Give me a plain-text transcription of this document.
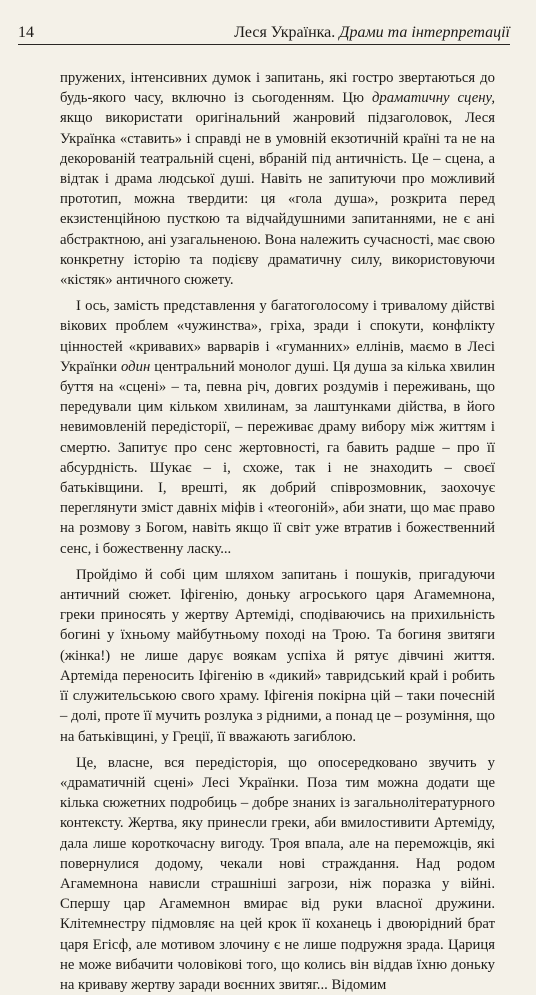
14	Леся Українка. Драми та інтерпретації

пружених, інтенсивних думок і запитань, які гостро звертаються до будь-якого часу, включно із сьогоденням. Цю драматичну сцену, якщо використати оригінальний жанровий підзаголовок, Леся Українка «ставить» і справді не в умовній екзотичній країні та не на декорованій театральній сцені, вбраній під античність. Це – сцена, а відтак і драма людської душі. Навіть не запитуючи про можливий прототип, можна твердити: ця «гола душа», розкрита перед екзистенційною пусткою та відчайдушними запитаннями, не є ані абстрактною, ані узагальненою. Вона належить сучасності, має свою конкретну історію та подієву драматичну силу, використовуючи «кістяк» античного сюжету.

І ось, замість представлення у багатоголосому і тривалому дійстві вікових проблем «чужинства», гріха, зради і спокути, конфлікту цінностей «кривавих» варварів і «гуманних» еллінів, маємо в Лесі Українки один центральний монолог душі. Ця душа за кілька хвилин буття на «сцені» – та, певна річ, довгих роздумів і переживань, що передували цим кільком хвилинам, за лаштунками дійства, в його невимовленій передісторії, – переживає драму вибору між життям і смертю. Запитує про сенс жертовності, га бавить радше – про її абсурдність. Шукає – і, схоже, так і не знаходить – своєї батьківщини. І, врешті, як добрий співрозмовник, заохочує переглянути зміст давніх міфів і «теогоній», аби знати, що має право на розмову з Богом, навіть якщо її світ уже втратив і божественний сенс, і божественну ласку...

Пройдімо й собі цим шляхом запитань і пошуків, пригадуючи античний сюжет. Іфігенію, доньку агроського царя Агамемнона, греки приносять у жертву Артеміді, сподіваючись на прихильність богині у їхньому майбутньому поході на Трою. Та богиня звитяги (жінка!) не лише дарує воякам успіха й рятує дівчині життя. Артеміда переносить Іфігенію в «дикий» тавридський край і робить її служительською свого храму. Іфігенія покірна цій – таки почесній – долі, проте її мучить розлука з рідними, а понад це – розуміння, що на батьківщині, у Греції, її вважають загиблою.

Це, власне, вся передісторія, що опосередковано звучить у «драматичній сцені» Лесі Українки. Поза тим можна додати ще кілька сюжетних подробиць – добре знаних із загальнолітературного контексту. Жертва, яку принесли греки, аби вмилостивити Артеміду, дала лише короткочасну вигоду. Троя впала, але на переможців, які повернулися додому, чекали нові страждання. Над родом Агамемнона нависли страшніші загрози, ніж поразка у війні. Спершу цар Агамемнон вмирає від руки власної дружини. Клітемнестру підмовляє на цей крок її коханець і двоюрідний брат царя Егісф, але мотивом злочину є не лише подружня зрада. Цариця не може вибачити чоловікові того, що колись він віддав їхню доньку на криваву жертву заради воєнних звитяг... Відомим
